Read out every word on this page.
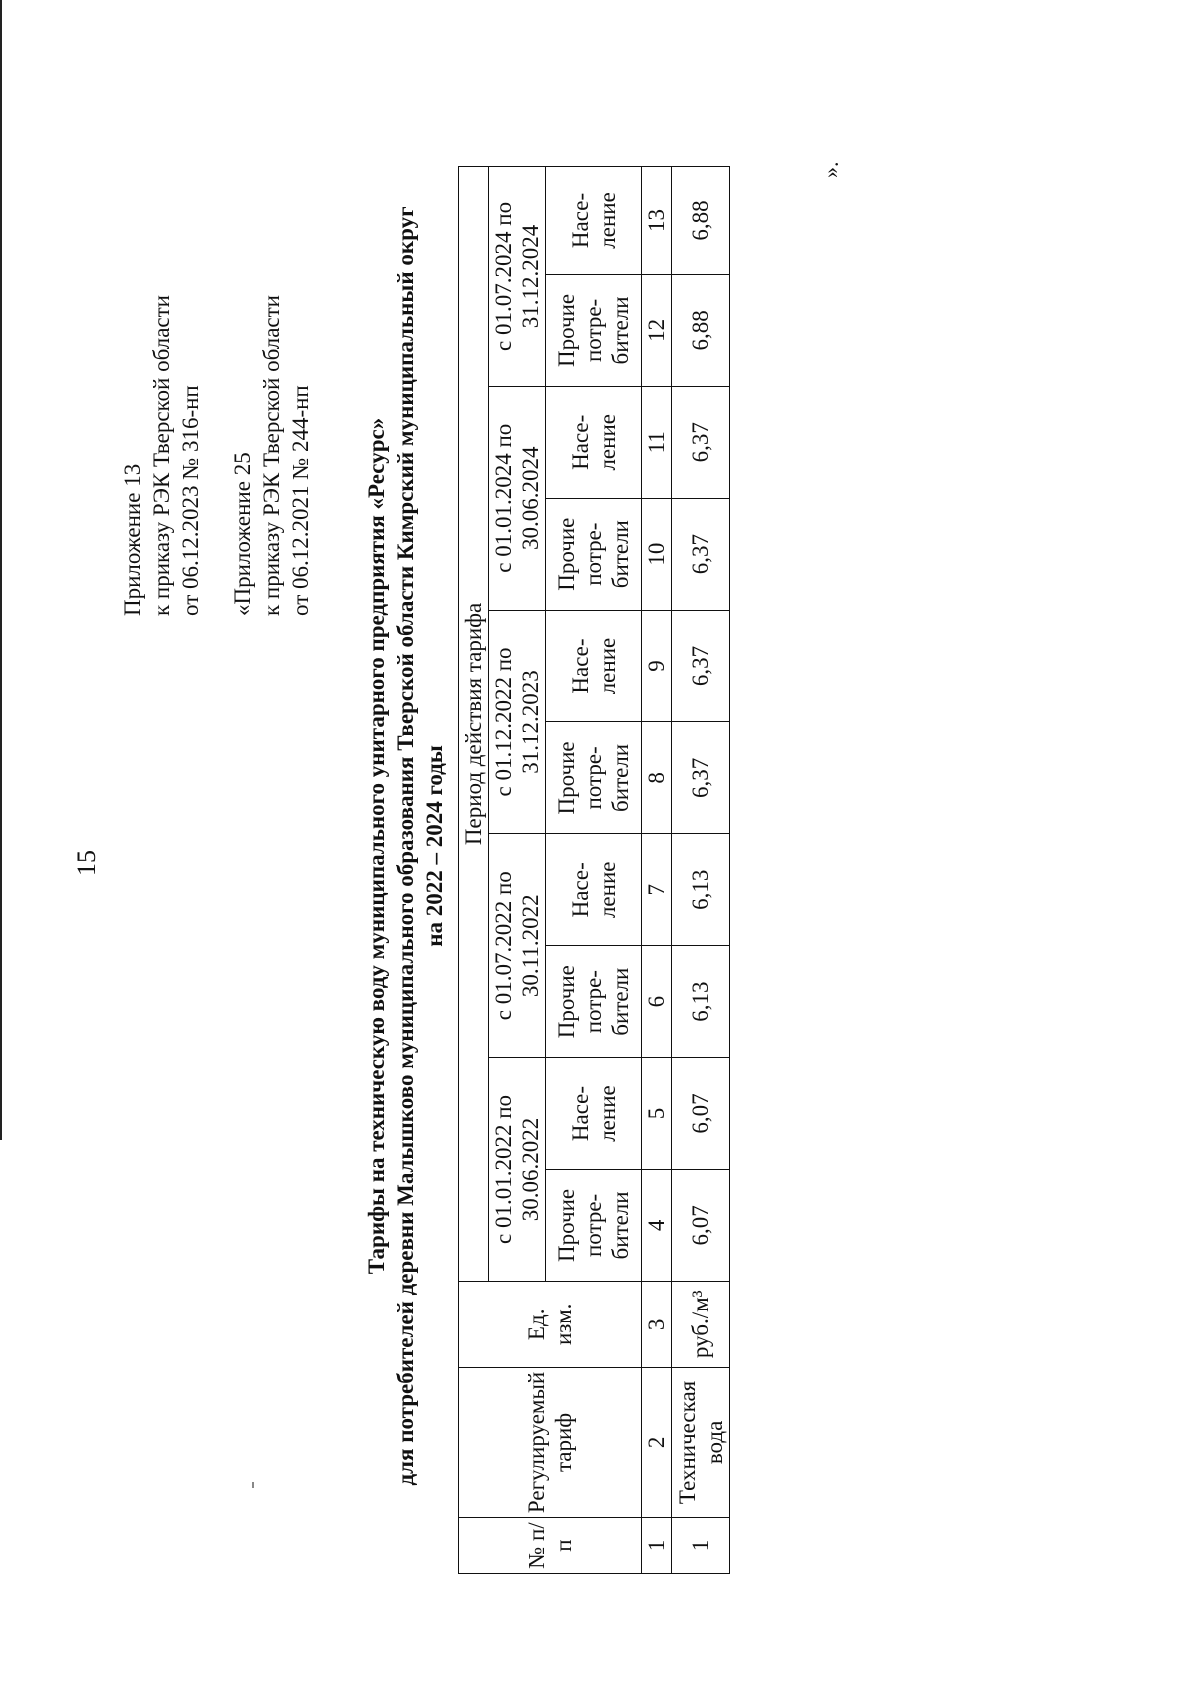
15
Приложение 13 к приказу РЭК Тверской области от 06.12.2023 № 316-нп «Приложение 25 к приказу РЭК Тверской области от 06.12.2021 № 244-нп Тарифы на техническую воду муниципального унитарного предприятия «Ресурс» для потребителей деревни Малышково муниципального образования Тверской области Кимрский муниципальный округ на 2022 – 2024 годы
№ п/п	Регулируемый тариф	Ед. изм.	Период действия тарифа									
			с 01.01.2022 по 30.06.2022		с 01.07.2022 по 30.11.2022		с 01.12.2022 по 31.12.2023		с 01.01.2024 по 30.06.2024		с 01.07.2024 по 31.12.2024	
			Прочие потре-бители	Насе-ление	Прочие потре-бители	Насе-ление	Прочие потре-бители	Насе-ление	Прочие потре-бители	Насе-ление	Прочие потре-бители	Насе-ление
1	2	3	4	5	6	7	8	9	10	11	12	13
1	Техническая вода	руб./м³	6,07	6,07	6,13	6,13	6,37	6,37	6,37	6,37	6,88	6,88
».
